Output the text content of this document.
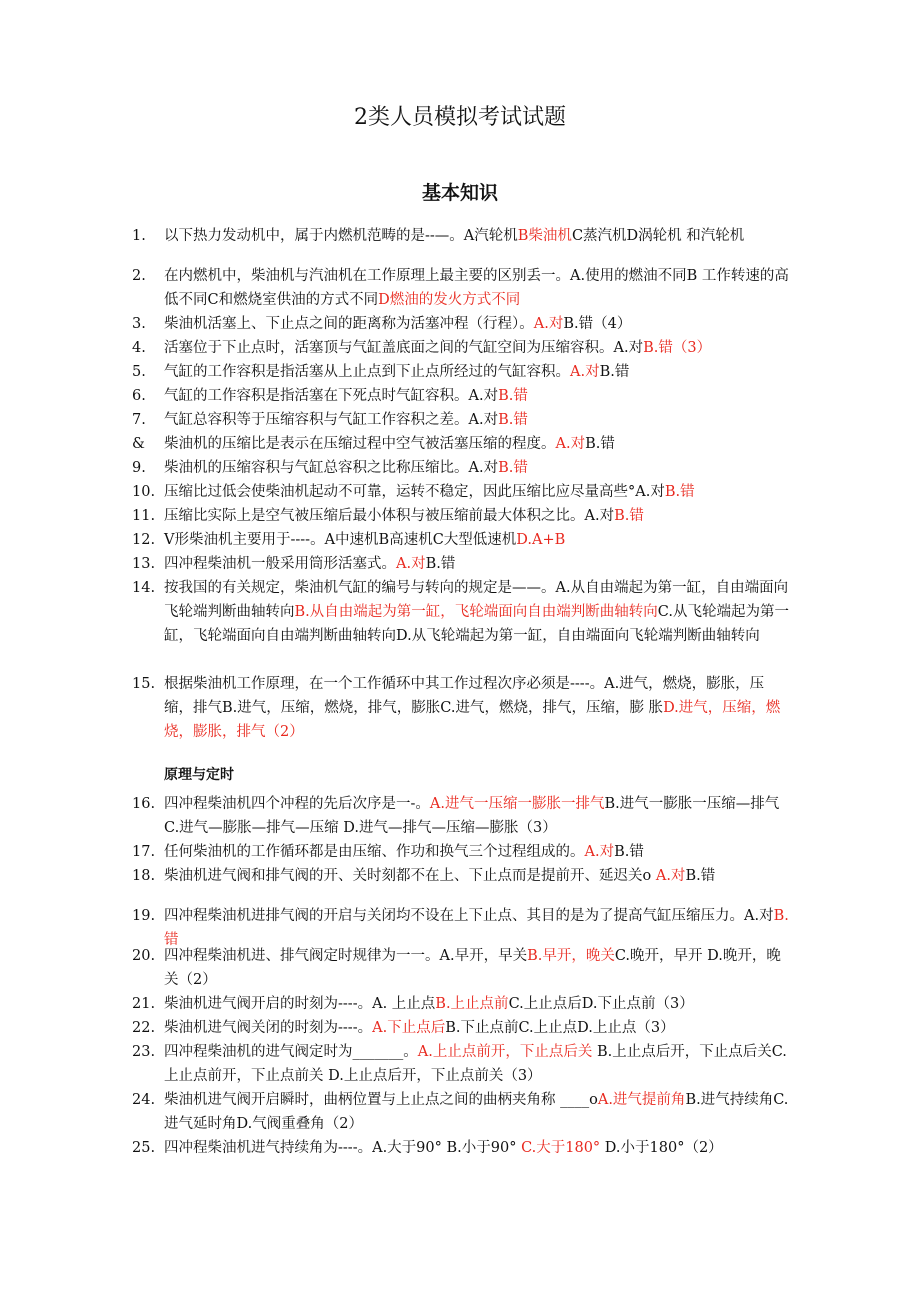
2类人员模拟考试试题
基本知识
原理与定时
1. 以下热力发动机中，属于内燃机范畴的是--—。A汽轮机B柴油机C蒸汽机D涡轮机 和汽轮机
2. 在内燃机中，柴油机与汽油机在工作原理上最主要的区别丢一。A.使用的燃油不同B 工作转速的高低不同C和燃烧室供油的方式不同D燃油的发火方式不同
3. 柴油机活塞上、下止点之间的距离称为活塞冲程（行程）。A.对B.错（4）
4. 活塞位于下止点时，活塞顶与气缸盖底面之间的气缸空间为压缩容积。A.对B.错（3）
5. 气缸的工作容积是指活塞从上止点到下止点所经过的气缸容积。A.对B.错
6. 气缸的工作容积是指活塞在下死点时气缸容积。A.对B.错
7. 气缸总容积等于压缩容积与气缸工作容积之差。A.对B.错
& 柴油机的压缩比是表示在压缩过程中空气被活塞压缩的程度。A.对B.错
9. 柴油机的压缩容积与气缸总容积之比称压缩比。A.对B.错
10. 压缩比过低会使柴油机起动不可靠，运转不稳定，因此压缩比应尽量高些°A.对B.错
11. 压缩比实际上是空气被压缩后最小体积与被压缩前最大体积之比。A.对B.错
12. V形柴油机主要用于----。A中速机B高速机C大型低速机D.A+B
13. 四冲程柴油机一般采用筒形活塞式。A.对B.错
14. 按我国的有关规定，柴油机气缸的编号与转向的规定是——。A.从自由端起为第一缸，自由端面向飞轮端判断曲轴转向B.从自由端起为第一缸，飞轮端面向自由端判断曲轴转向C.从飞轮端起为第一缸，飞轮端面向自由端判断曲轴转向D.从飞轮端起为第一缸，自由端面向飞轮端判断曲轴转向
15. 根据柴油机工作原理，在一个工作循环中其工作过程次序必须是----。A.进气，燃烧，膨胀，压缩，排气B.进气，压缩，燃烧，排气，膨胀C.进气，燃烧，排气，压缩，膨 胀D.进气，压缩，燃烧，膨胀，排气（2）
16. 四冲程柴油机四个冲程的先后次序是一-。A.进气一压缩一膨胀一排气B.进气一膨胀一压缩—排气 C.进气—膨胀—排气—压缩 D.进气—排气—压缩—膨胀（3）
17. 任何柴油机的工作循环都是由压缩、作功和换气三个过程组成的。A.对B.错
18. 柴油机进气阀和排气阀的开、关时刻都不在上、下止点而是提前开、延迟关o A.对B.错
19. 四冲程柴油机进排气阀的开启与关闭均不设在上下止点、其目的是为了提高气缸压缩压力。A.对B.错
20. 四冲程柴油机进、排气阀定时规律为一一。A.早开，早关B.早开，晚关C.晚开，早开 D.晚开，晚关（2）
21. 柴油机进气阀开启的时刻为----。A. 上止点B.上止点前C.上止点后D.下止点前（3）
22. 柴油机进气阀关闭的时刻为----。A.下止点后B.下止点前C.上止点D.上止点（3）
23. 四冲程柴油机的进气阀定时为_______。A.上止点前开，下止点后关 B.上止点后开，下止点后关C.上止点前开，下止点前关 D.上止点后开，下止点前关（3）
24. 柴油机进气阀开启瞬时，曲柄位置与上止点之间的曲柄夹角称 ____oA.进气提前角B.进气持续角C.进气延时角D.气阀重叠角（2）
25. 四冲程柴油机进气持续角为----。A.大于90° B.小于90° C.大于180° D.小于180°（2）
